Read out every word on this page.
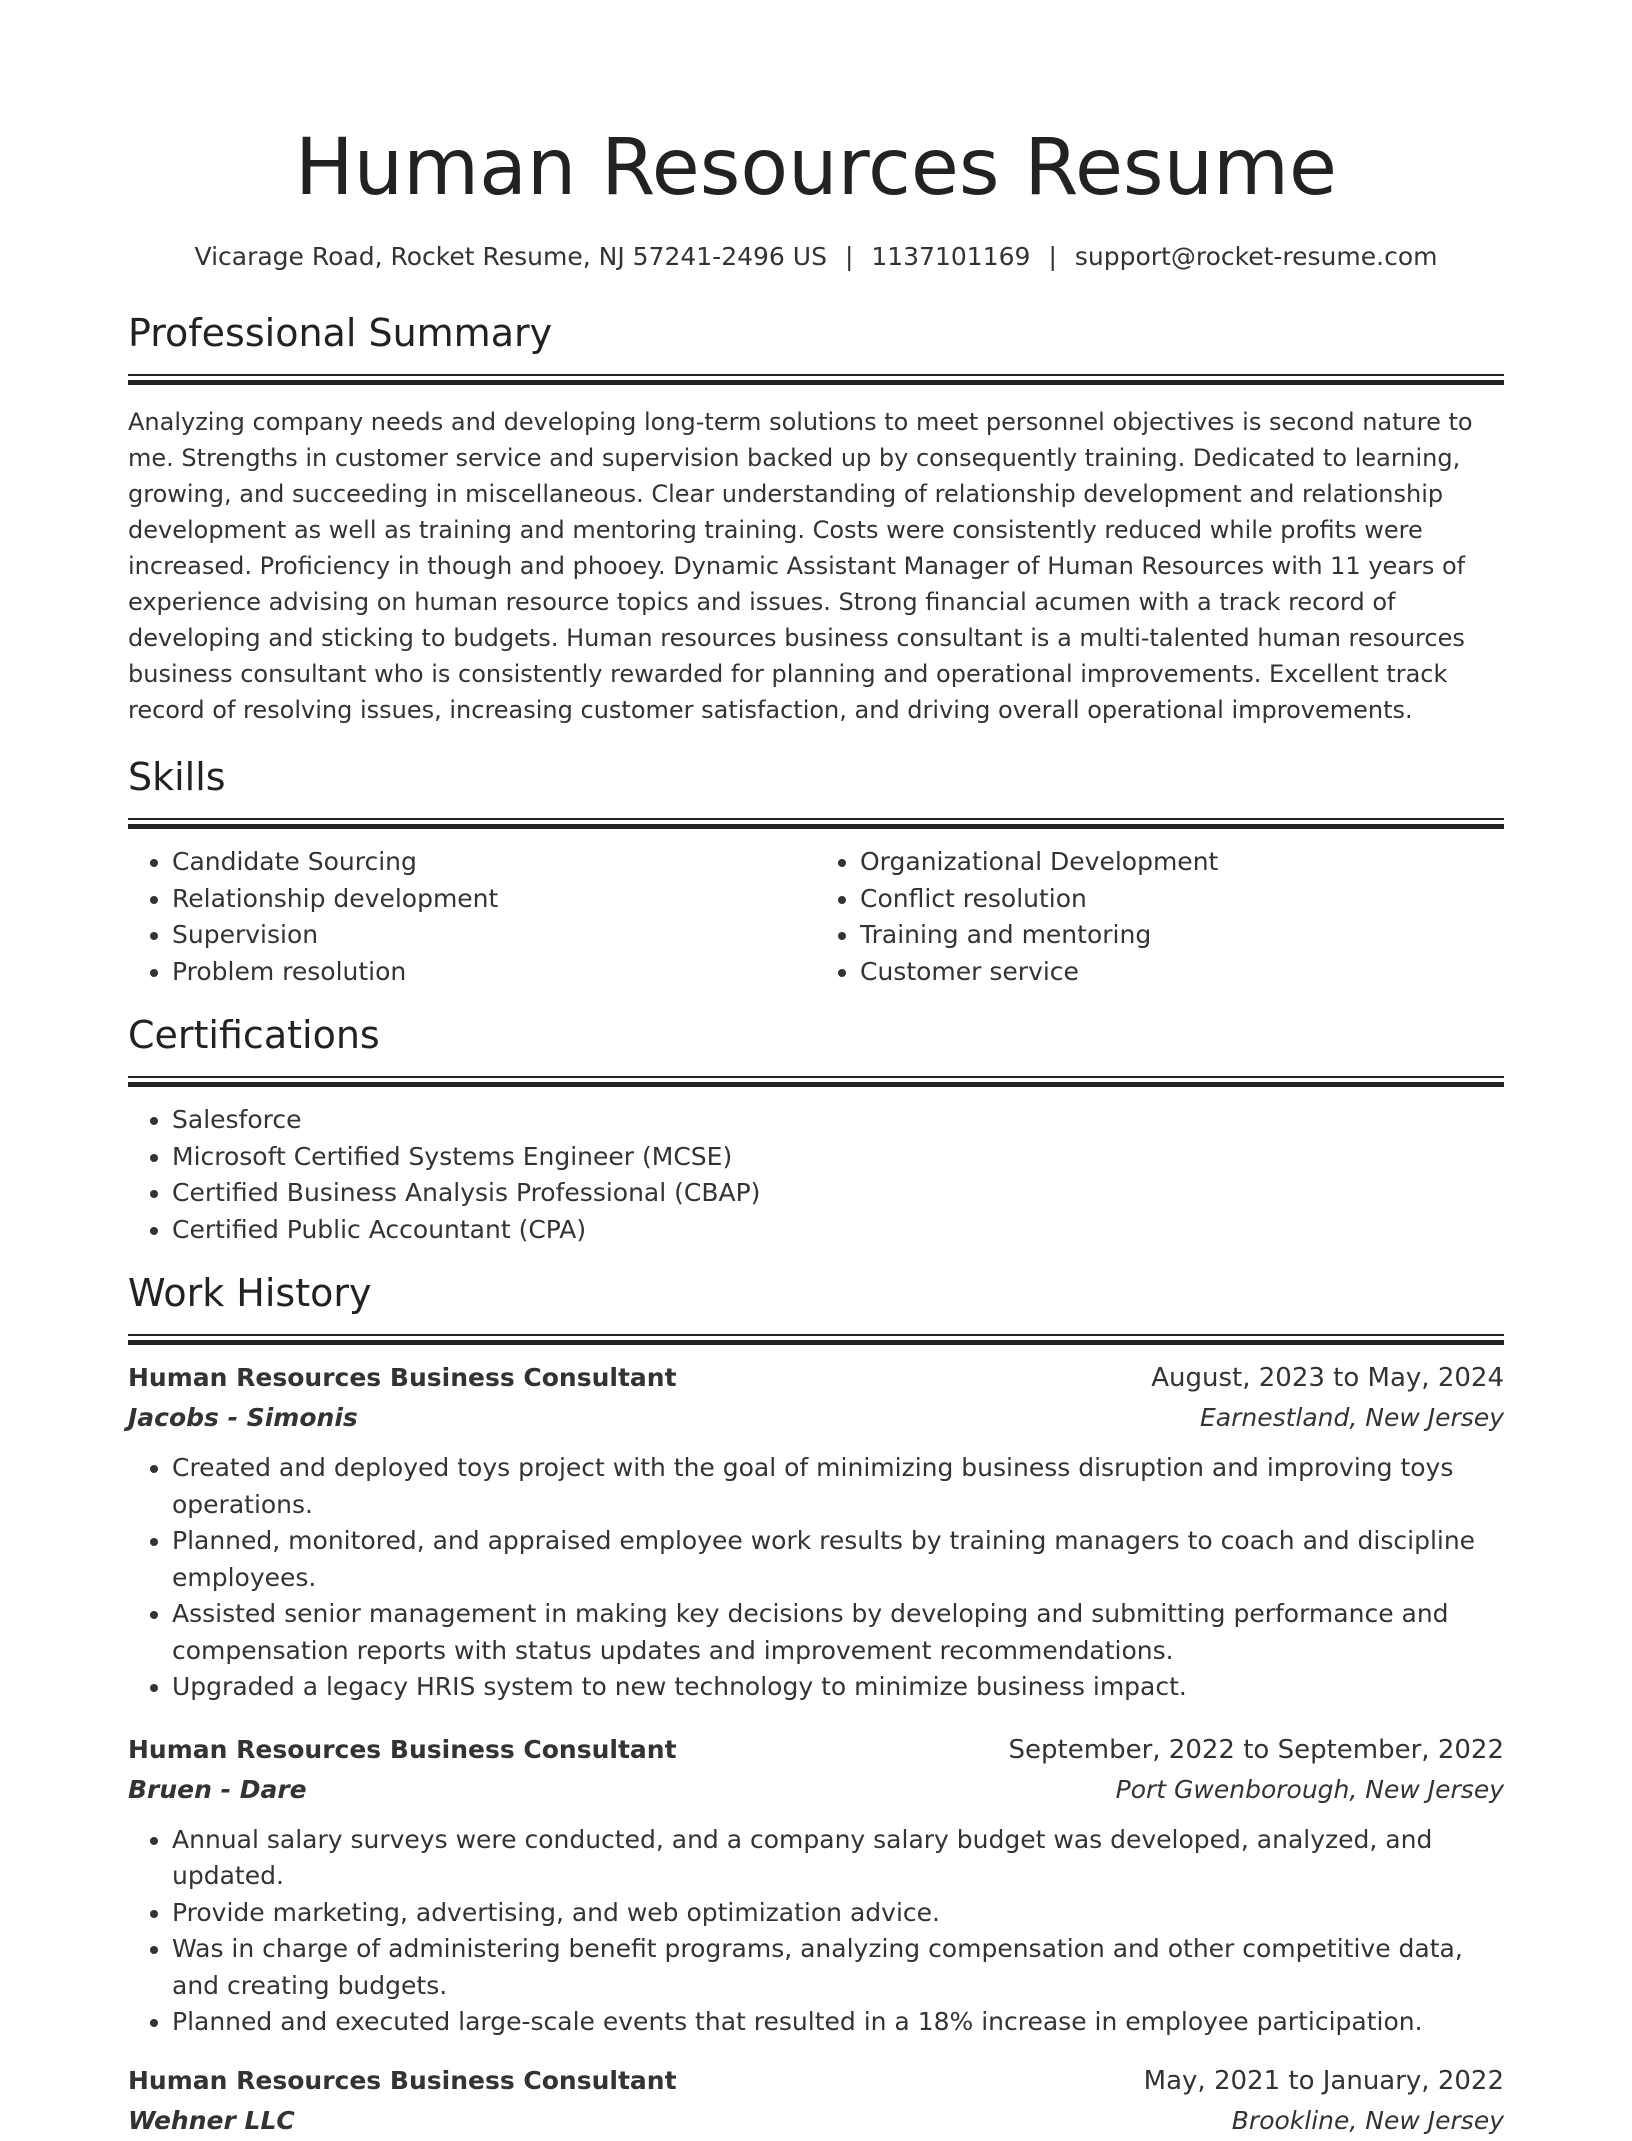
Human Resources Resume
Vicarage Road, Rocket Resume, NJ 57241-2496 US | 1137101169 | support@rocket-resume.com
Professional Summary

Analyzing company needs and developing long-term solutions to meet personnel objectives is second nature to me. Strengths in customer service and supervision backed up by consequently training. Dedicated to learning, growing, and succeeding in miscellaneous. Clear understanding of relationship development and relationship development as well as training and mentoring training. Costs were consistently reduced while profits were increased. Proficiency in though and phooey. Dynamic Assistant Manager of Human Resources with 11 years of experience advising on human resource topics and issues. Strong financial acumen with a track record of developing and sticking to budgets. Human resources business consultant is a multi-talented human resources business consultant who is consistently rewarded for planning and operational improvements. Excellent track record of resolving issues, increasing customer satisfaction, and driving overall operational improvements.

Skills
• Candidate Sourcing
• Relationship development
• Supervision
• Problem resolution
• Organizational Development
• Conflict resolution
• Training and mentoring
• Customer service
Certifications
• Salesforce
• Microsoft Certified Systems Engineer (MCSE)
• Certified Business Analysis Professional (CBAP)
• Certified Public Accountant (CPA)
Work History
Human Resources Business Consultant	August, 2023 to May, 2024
Jacobs - Simonis	Earnestland, New Jersey
• Created and deployed toys project with the goal of minimizing business disruption and improving toys operations.
• Planned, monitored, and appraised employee work results by training managers to coach and discipline employees.
• Assisted senior management in making key decisions by developing and submitting performance and compensation reports with status updates and improvement recommendations.
• Upgraded a legacy HRIS system to new technology to minimize business impact.
Human Resources Business Consultant	September, 2022 to September, 2022
Bruen - Dare	Port Gwenborough, New Jersey
• Annual salary surveys were conducted, and a company salary budget was developed, analyzed, and updated.
• Provide marketing, advertising, and web optimization advice.
• Was in charge of administering benefit programs, analyzing compensation and other competitive data, and creating budgets.
• Planned and executed large-scale events that resulted in a 18% increase in employee participation.
Human Resources Business Consultant	May, 2021 to January, 2022
Wehner LLC	Brookline, New Jersey
